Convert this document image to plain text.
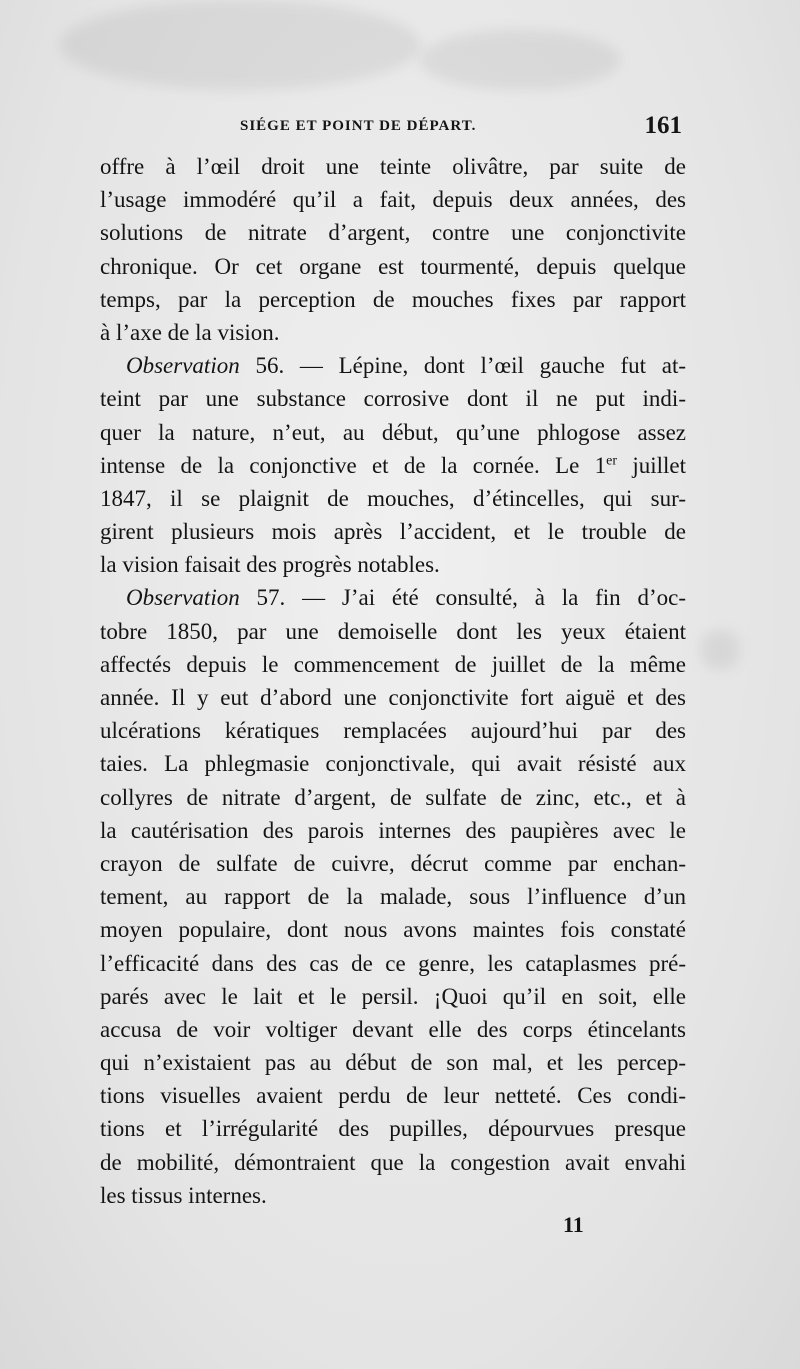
SIÉGE ET POINT DE DÉPART.	161
offre à l’œil droit une teinte olivâtre, par suite de
l’usage immodéré qu’il a fait, depuis deux années, des
solutions de nitrate d’argent, contre une conjonctivite
chronique. Or cet organe est tourmenté, depuis quelque
temps, par la perception de mouches fixes par rapport
à l’axe de la vision.
Observation 56. — Lépine, dont l’œil gauche fut at-
teint par une substance corrosive dont il ne put indi-
quer la nature, n’eut, au début, qu’une phlogose assez
intense de la conjonctive et de la cornée. Le 1er juillet
1847, il se plaignit de mouches, d’étincelles, qui sur-
girent plusieurs mois après l’accident, et le trouble de
la vision faisait des progrès notables.
Observation 57. — J’ai été consulté, à la fin d’oc-
tobre 1850, par une demoiselle dont les yeux étaient
affectés depuis le commencement de juillet de la même
année. Il y eut d’abord une conjonctivite fort aiguë et des
ulcérations kératiques remplacées aujourd’hui par des
taies. La phlegmasie conjonctivale, qui avait résisté aux
collyres de nitrate d’argent, de sulfate de zinc, etc., et à
la cautérisation des parois internes des paupières avec le
crayon de sulfate de cuivre, décrut comme par enchan-
tement, au rapport de la malade, sous l’influence d’un
moyen populaire, dont nous avons maintes fois constaté
l’efficacité dans des cas de ce genre, les cataplasmes pré-
parés avec le lait et le persil. ¡Quoi qu’il en soit, elle
accusa de voir voltiger devant elle des corps étincelants
qui n’existaient pas au début de son mal, et les percep-
tions visuelles avaient perdu de leur netteté. Ces condi-
tions et l’irrégularité des pupilles, dépourvues presque
de mobilité, démontraient que la congestion avait envahi
les tissus internes.
11
